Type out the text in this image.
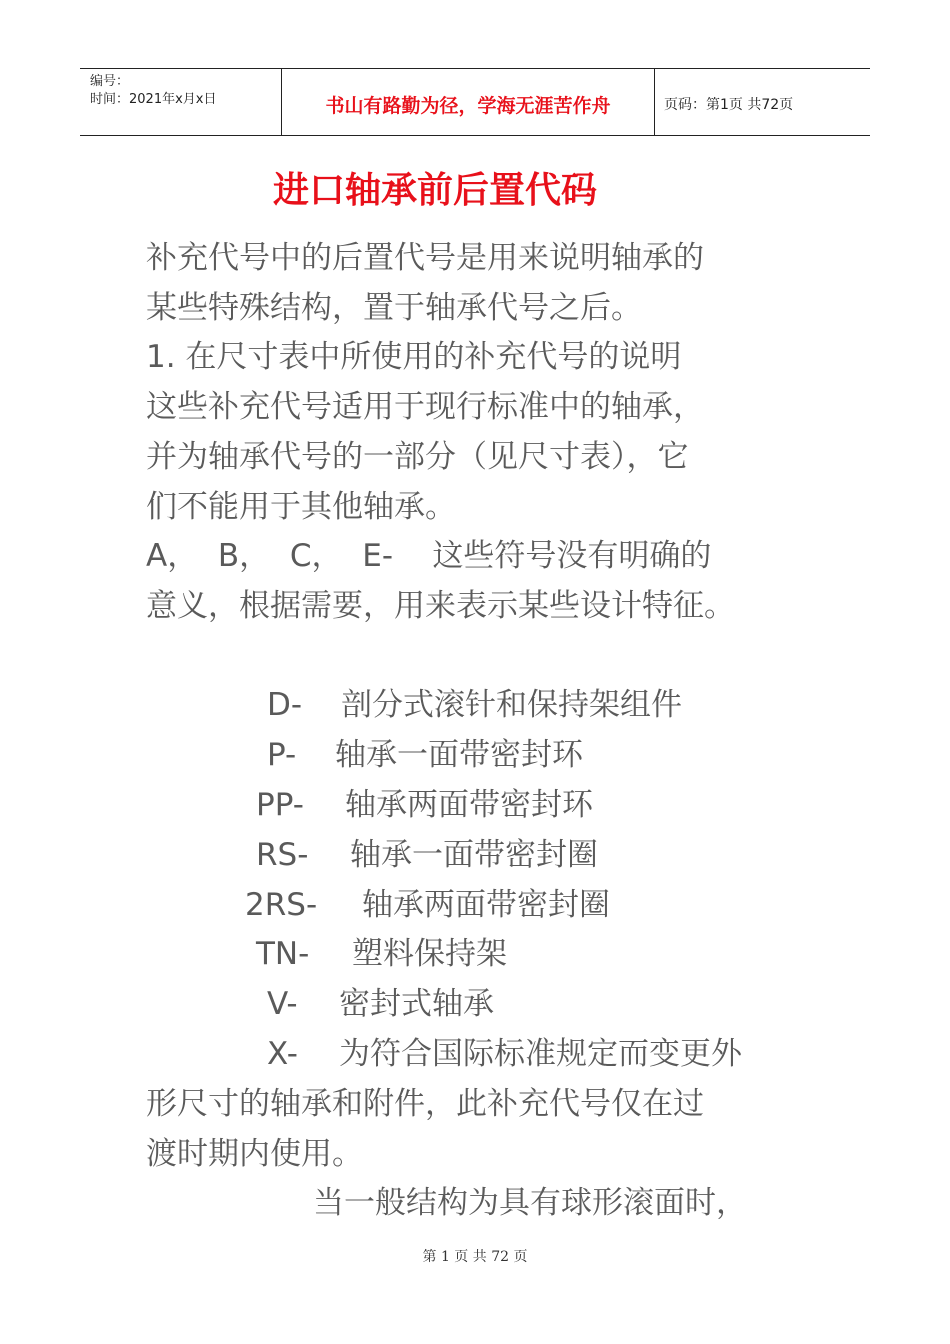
编号：
时间：2021年x月x日	书山有路勤为径，学海无涯苦作舟	页码：第1页 共72页
进口轴承前后置代码
补充代号中的后置代号是用来说明轴承的
某些特殊结构，置于轴承代号之后。
1. 在尺寸表中所使用的补充代号的说明
这些补充代号适用于现行标准中的轴承，
并为轴承代号的一部分（见尺寸表），它
们不能用于其他轴承。
A，  B，  C，  E-    这些符号没有明确的
意义，根据需要，用来表示某些设计特征。
D- 剖分式滚针和保持架组件
P- 轴承一面带密封环
PP- 轴承两面带密封环
RS- 轴承一面带密封圈
2RS- 轴承两面带密封圈
TN- 塑料保持架
V- 密封式轴承
X- 为符合国际标准规定而变更外
形尺寸的轴承和附件，此补充代号仅在过
渡时期内使用。
当一般结构为具有球形滚面时，
第 1 页 共 72 页
